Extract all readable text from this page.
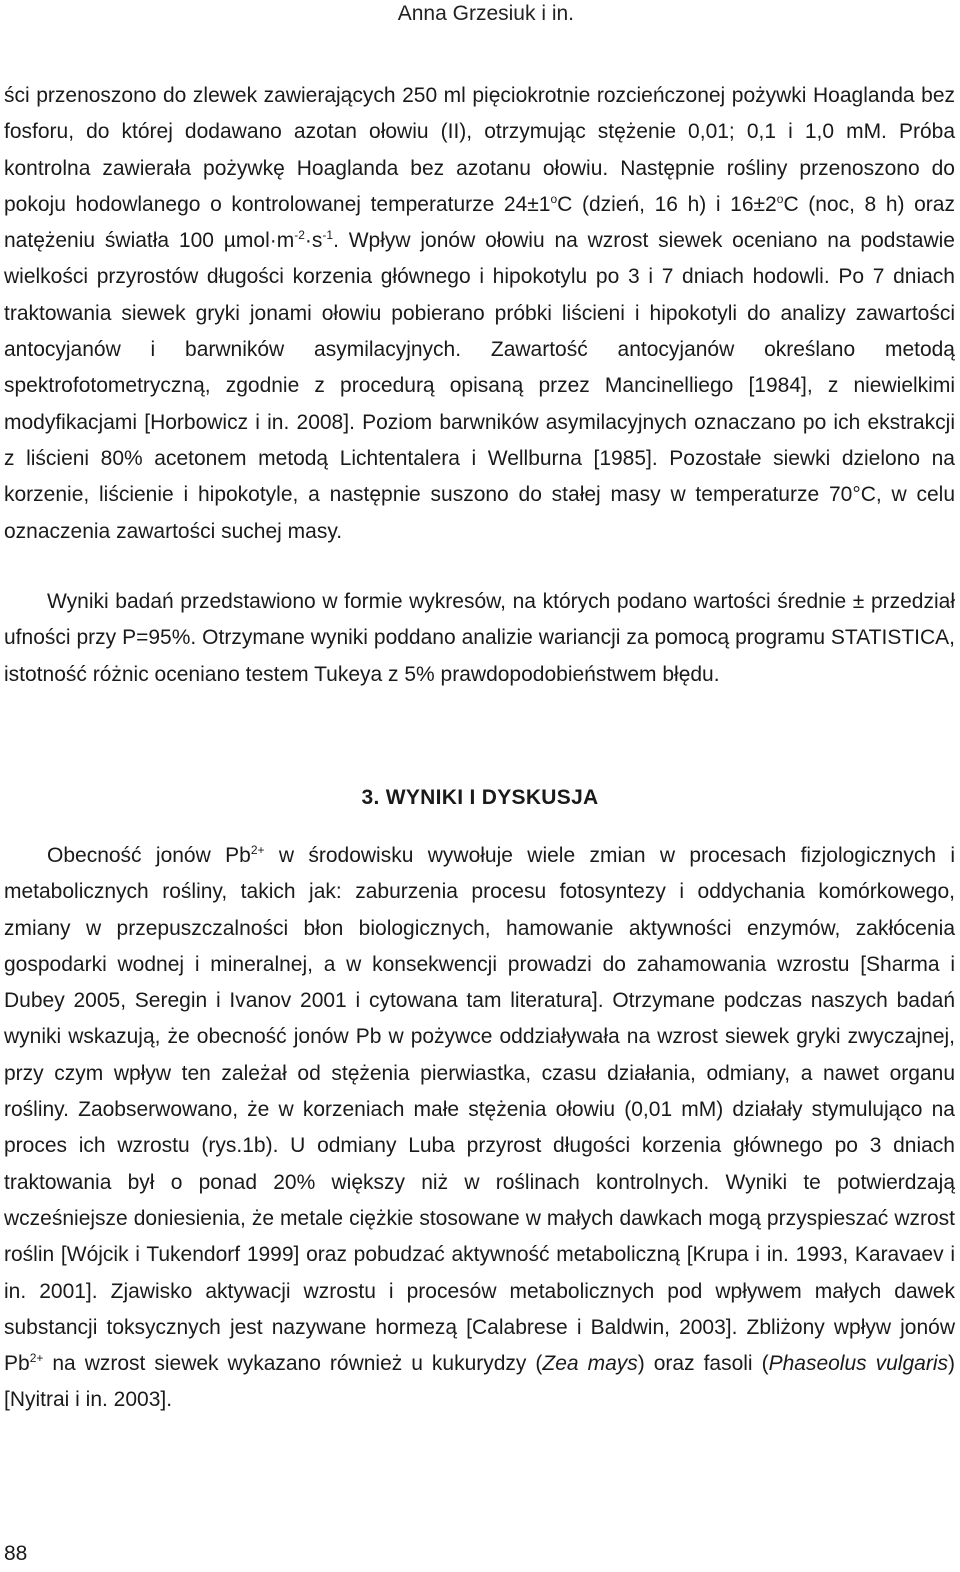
Anna Grzesiuk i in.

ści przenoszono do zlewek zawierających 250 ml pięciokrotnie rozcieńczonej pożywki Hoaglanda bez fosforu, do której dodawano azotan ołowiu (II), otrzymując stężenie 0,01; 0,1 i 1,0 mM. Próba kontrolna zawierała pożywkę Hoaglanda bez azotanu ołowiu. Następnie rośliny przenoszono do pokoju hodowlanego o kontrolowanej temperaturze $24\pm 1^oC$ (dzień, 16 h) i $16\pm 2^oC$ (noc, 8 h) oraz natężeniu światła 100 $\mu mol\cdot m^{-2}\cdot s^{-1}$. Wpływ jonów ołowiu na wzrost siewek oceniano na podstawie wielkości przyrostów długości korzenia głównego i hipokotylu po 3 i 7 dniach hodowli. Po 7 dniach traktowania siewek gryki jonami ołowiu pobierano próbki liścieni i hipokotyli do analizy zawartości antocyjanów i barwników asymilacyjnych. Zawartość antocyjanów określano metodą spektrofotometryczną, zgodnie z procedurą opisaną przez Mancinelliego [1984], z niewielkimi modyfikacjami [Horbowicz i in. 2008]. Poziom barwników asymilacyjnych oznaczano po ich ekstrakcji z liścieni 80% acetonem metodą Lichtentalera i Wellburna [1985]. Pozostałe siewki dzielono na korzenie, liścienie i hipokotyle, a następnie suszono do stałej masy w temperaturze 70°C, w celu oznaczenia zawartości suchej masy.

Wyniki badań przedstawiono w formie wykresów, na których podano wartości średnie ± przedział ufności przy P=95%. Otrzymane wyniki poddano analizie wariancji za pomocą programu STATISTICA, istotność różnic oceniano testem Tukeya z 5% prawdopodobieństwem błędu.

3. WYNIKI I DYSKUSJA

Obecność jonów $Pb^{2+}$ w środowisku wywołuje wiele zmian w procesach fizjologicznych i metabolicznych rośliny, takich jak: zaburzenia procesu fotosyntezy i oddychania komórkowego, zmiany w przepuszczalności błon biologicznych, hamowanie aktywności enzymów, zakłócenia gospodarki wodnej i mineralnej, a w konsekwencji prowadzi do zahamowania wzrostu [Sharma i Dubey 2005, Seregin i Ivanov 2001 i cytowana tam literatura]. Otrzymane podczas naszych badań wyniki wskazują, że obecność jonów Pb w pożywce oddziaływała na wzrost siewek gryki zwyczajnej, przy czym wpływ ten zależał od stężenia pierwiastka, czasu działania, odmiany, a nawet organu rośliny. Zaobserwowano, że w korzeniach małe stężenia ołowiu (0,01 mM) działały stymulująco na proces ich wzrostu (rys.1b). U odmiany Luba przyrost długości korzenia głównego po 3 dniach traktowania był o ponad 20% większy niż w roślinach kontrolnych. Wyniki te potwierdzają wcześniejsze doniesienia, że metale ciężkie stosowane w małych dawkach mogą przyspieszać wzrost roślin [Wójcik i Tukendorf 1999] oraz pobudzać aktywność metaboliczną [Krupa i in. 1993, Karavaev i in. 2001]. Zjawisko aktywacji wzrostu i procesów metabolicznych pod wpływem małych dawek substancji toksycznych jest nazywane hormezą [Calabrese i Baldwin, 2003]. Zbliżony wpływ jonów $Pb^{2+}$ na wzrost siewek wykazano również u kukurydzy (Zea mays) oraz fasoli (Phaseolus vulgaris) [Nyitrai i in. 2003].

88
